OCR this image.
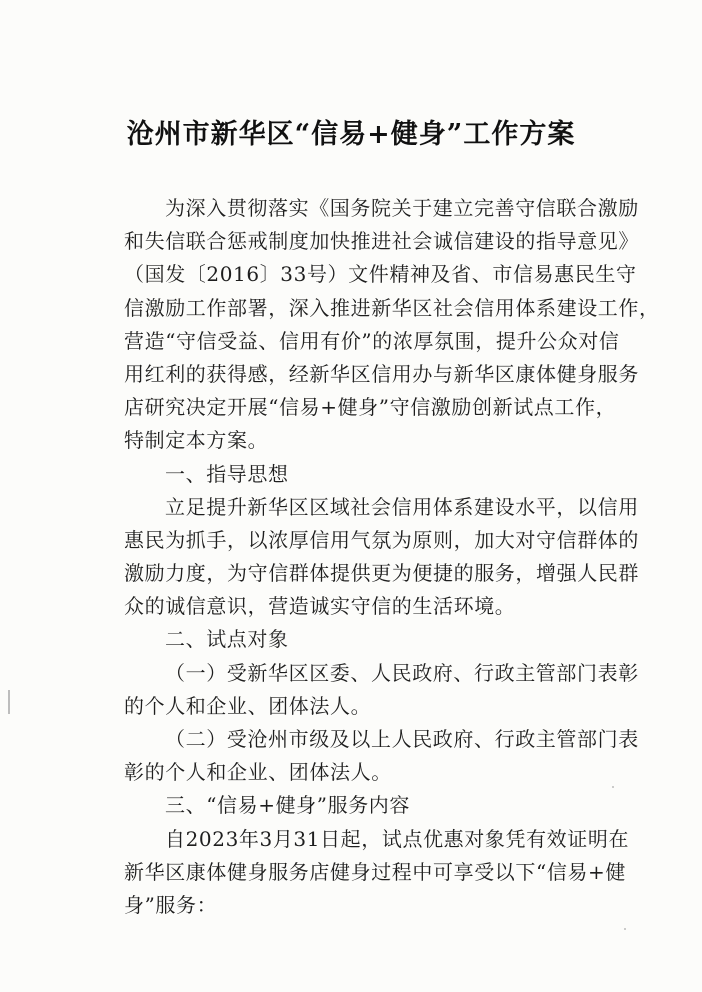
沧州市新华区“信易+健身”工作方案
为深入贯彻落实《国务院关于建立完善守信联合激励
和失信联合惩戒制度加快推进社会诚信建设的指导意见》
（国发〔2016〕33号）文件精神及省、市信易惠民生守
信激励工作部署，深入推进新华区社会信用体系建设工作，
营造“守信受益、信用有价”的浓厚氛围，提升公众对信
用红利的获得感，经新华区信用办与新华区康体健身服务
店研究决定开展“信易+健身”守信激励创新试点工作，
特制定本方案。
一、指导思想
立足提升新华区区域社会信用体系建设水平，以信用
惠民为抓手，以浓厚信用气氛为原则，加大对守信群体的
激励力度，为守信群体提供更为便捷的服务，增强人民群
众的诚信意识，营造诚实守信的生活环境。
二、试点对象
（一）受新华区区委、人民政府、行政主管部门表彰
的个人和企业、团体法人。
（二）受沧州市级及以上人民政府、行政主管部门表
彰的个人和企业、团体法人。
三、“信易+健身”服务内容
自2023年3月31日起，试点优惠对象凭有效证明在
新华区康体健身服务店健身过程中可享受以下“信易+健
身”服务：
